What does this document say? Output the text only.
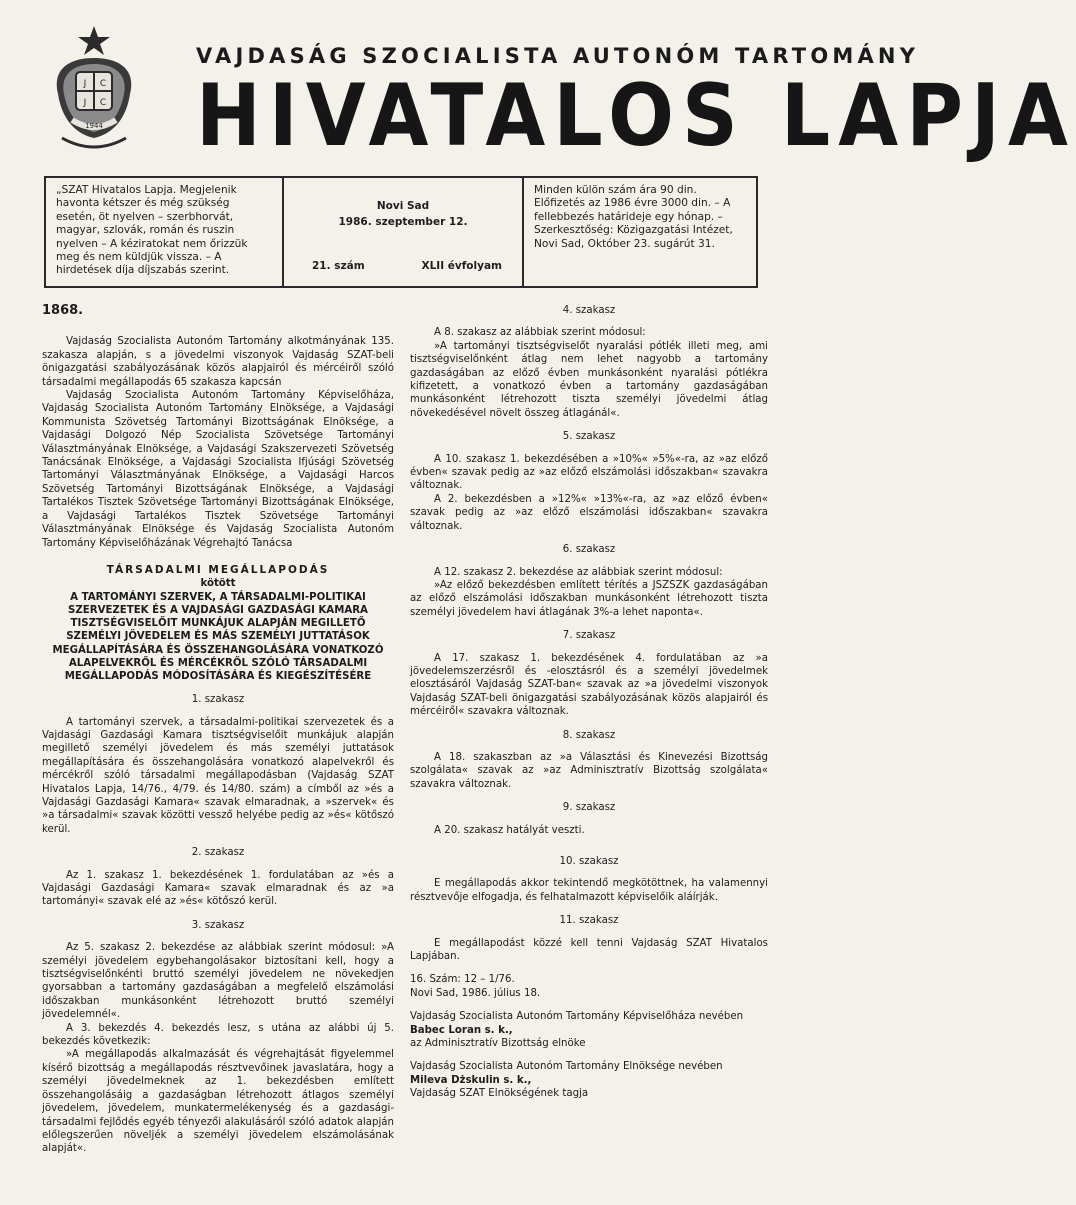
J C
J C
1944
VAJDASÁG SZOCIALISTA AUTONÓM TARTOMÁNY
HIVATALOS LAPJA
„SZAT Hivatalos Lapja. Megjelenik havonta kétszer és még szükség esetén, öt nyelven – szerbhorvát, magyar, szlovák, román és ruszin nyelven – A kéziratokat nem őrizzük meg és nem küldjük vissza. – A hirdetések díja díjszabás szerint.
Novi Sad
1986. szeptember 12.
21. szám	XLII évfolyam
Minden külön szám ára 90 din. Előfizetés az 1986 évre 3000 din. – A fellebbezés határideje egy hónap. – Szerkesztőség: Közigazgatási Intézet, Novi Sad, Október 23. sugárút 31.
1868.

Vajdaság Szocialista Autonóm Tartomány alkotmányának 135. szakasza alapján, s a jövedelmi viszonyok Vajdaság SZAT-beli önigazgatási szabályozásának közös alapjairól és mércéiről szóló társadalmi megállapodás 65 szakasza kapcsán

Vajdaság Szocialista Autonóm Tartomány Képviselőháza, Vajdaság Szocialista Autonóm Tartomány Elnöksége, a Vajdasági Kommunista Szövetség Tartományi Bizottságának Elnöksége, a Vajdasági Dolgozó Nép Szocialista Szövetsége Tartományi Választmányának Elnöksége, a Vajdasági Szakszervezeti Szövetség Tanácsának Elnöksége, a Vajdasági Szocialista Ifjúsági Szövetség Tartományi Választmányának Elnöksége, a Vajdasági Harcos Szövetség Tartományi Bizottságának Elnöksége, a Vajdasági Tartalékos Tisztek Szövetsége Tartományi Bizottságának Elnöksége, a Vajdasági Tartalékos Tisztek Szövetsége Tartományi Választmányának Elnöksége és Vajdaság Szocialista Autonóm Tartomány Képviselőházának Végrehajtó Tanácsa

TÁRSADALMI MEGÁLLAPODÁS
kötött
A TARTOMÁNYI SZERVEK, A TÁRSADALMI-POLITIKAI SZERVEZETEK ÉS A VAJDASÁGI GAZDASÁGI KAMARA TISZTSÉGVISELŐIT MUNKÁJUK ALAPJÁN MEGILLETŐ SZEMÉLYI JÖVEDELEM ÉS MÁS SZEMÉLYI JUTTATÁSOK MEGÁLLAPÍTÁSÁRA ÉS ÖSSZEHANGOLÁSÁRA VONATKOZÓ ALAPELVEKRŐL ÉS MÉRCÉKRŐL SZÓLÓ TÁRSADALMI MEGÁLLAPODÁS MÓDOSÍTÁSÁRA ÉS KIEGÉSZÍTÉSÉRE
1. szakasz

A tartományi szervek, a társadalmi-politikai szervezetek és a Vajdasági Gazdasági Kamara tisztségviselőit munkájuk alapján megillető személyi jövedelem és más személyi juttatások megállapítására és összehangolására vonatkozó alapelvekről és mércékről szóló társadalmi megállapodásban (Vajdaság SZAT Hivatalos Lapja, 14/76., 4/79. és 14/80. szám) a címből az »és a Vajdasági Gazdasági Kamara« szavak elmaradnak, a »szervek« és »a társadalmi« szavak közötti vessző helyébe pedig az »és« kötőszó kerül.

2. szakasz

Az 1. szakasz 1. bekezdésének 1. fordulatában az »és a Vajdasági Gazdasági Kamara« szavak elmaradnak és az »a tartományi« szavak elé az »és« kötőszó kerül.

3. szakasz

Az 5. szakasz 2. bekezdése az alábbiak szerint módosul: »A személyi jövedelem egybehangolásakor biztosítani kell, hogy a tisztségviselőnkénti bruttó személyi jövedelem ne növekedjen gyorsabban a tartomány gazdaságában a megfelelő elszámolási időszakban munkásonként létrehozott bruttó személyi jövedelemnél«.

A 3. bekezdés 4. bekezdés lesz, s utána az alábbi új 5. bekezdés következik:

»A megállapodás alkalmazását és végrehajtását figyelemmel kísérő bizottság a megállapodás résztvevőinek javaslatára, hogy a személyi jövedelmeknek az 1. bekezdésben említett összehangolásáig a gazdaságban létrehozott átlagos személyi jövedelem, jövedelem, munkatermelékenység és a gazdasági-társadalmi fejlődés egyéb tényezői alakulásáról szóló adatok alapján előlegszerűen növeljék a személyi jövedelem elszámolásának alapját«.

4. szakasz

A 8. szakasz az alábbiak szerint módosul:

»A tartományi tisztségviselőt nyaralási pótlék illeti meg, ami tisztségviselőnként átlag nem lehet nagyobb a tartomány gazdaságában az előző évben munkásonként nyaralási pótlékra kifizetett, a vonatkozó évben a tartomány gazdaságában munkásonként létrehozott tiszta személyi jövedelmi átlag növekedésével növelt összeg átlagánál«.

5. szakasz

A 10. szakasz 1. bekezdésében a »10%« »5%«-ra, az »az előző évben« szavak pedig az »az előző elszámolási időszakban« szavakra változnak.

A 2. bekezdésben a »12%« »13%«-ra, az »az előző évben« szavak pedig az »az előző elszámolási időszakban« szavakra változnak.

6. szakasz

A 12. szakasz 2. bekezdése az alábbiak szerint módosul:

»Az előző bekezdésben említett térítés a JSZSZK gazdaságában az előző elszámolási időszakban munkásonként létrehozott tiszta személyi jövedelem havi átlagának 3%-a lehet naponta«.

7. szakasz

A 17. szakasz 1. bekezdésének 4. fordulatában az »a jövedelemszerzésről és -elosztásról és a személyi jövedelmek elosztásáról Vajdaság SZAT-ban« szavak az »a jövedelmi viszonyok Vajdaság SZAT-beli önigazgatási szabályozásának közös alapjairól és mércéiről« szavakra változnak.

8. szakasz

A 18. szakaszban az »a Választási és Kinevezési Bizottság szolgálata« szavak az »az Adminisztratív Bizottság szolgálata« szavakra változnak.

9. szakasz

A 20. szakasz hatályát veszti.

10. szakasz

E megállapodás akkor tekintendő megkötöttnek, ha valamennyi résztvevője elfogadja, és felhatalmazott képviselőik aláírják.

11. szakasz

E megállapodást közzé kell tenni Vajdaság SZAT Hivatalos Lapjában.

16. Szám: 12 – 1/76.

Novi Sad, 1986. július 18.

Vajdaság Szocialista Autonóm Tartomány Képviselőháza nevében

Babec Loran s. k.,

az Adminisztratív Bizottság elnöke

Vajdaság Szocialista Autonóm Tartomány Elnöksége nevében

Mileva Dżskulin s. k.,

Vajdaság SZAT Elnökségének tagja
